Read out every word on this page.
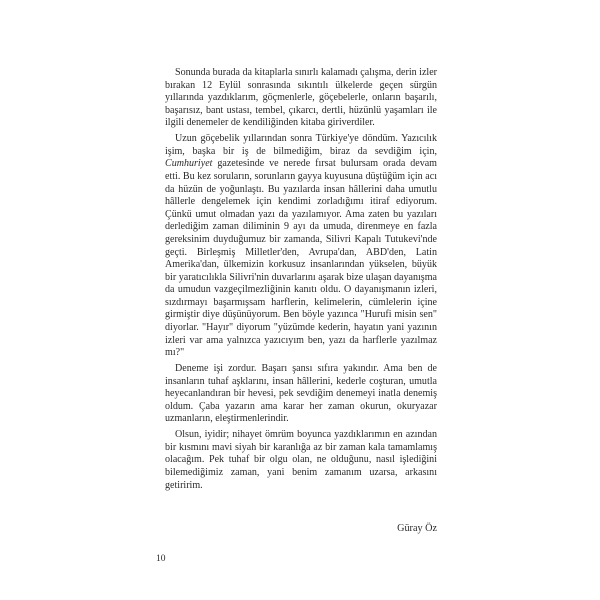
Sonunda burada da kitaplarla sınırlı kalamadı çalışma, derin izler bırakan 12 Eylül sonrasında sıkıntılı ülkelerde geçen sürgün yıllarında yazdıklarım, göçmenlerle, göçebelerle, onların başarılı, başarısız, bant ustası, tembel, çıkarcı, dertli, hüzünlü yaşamları ile ilgili denemeler de kendiliğinden kitaba giriverdiler.

Uzun göçebelik yıllarından sonra Türkiye'ye döndüm. Yazıcılık işim, başka bir iş de bilmediğim, biraz da sevdiğim için, Cumhuriyet gazetesinde ve nerede fırsat bulursam orada devam etti. Bu kez soruların, sorunların gayya kuyusuna düştüğüm için acı da hüzün de yoğunlaştı. Bu yazılarda insan hâllerini daha umutlu hâllerle dengelemek için kendimi zorladığımı itiraf ediyorum. Çünkü umut olmadan yazı da yazılamıyor. Ama zaten bu yazıları derlediğim zaman diliminin 9 ayı da umuda, direnmeye en fazla gereksinim duyduğumuz bir zamanda, Silivri Kapalı Tutukevi'nde geçti. Birleşmiş Milletler'den, Avrupa'dan, ABD'den, Latin Amerika'dan, ülkemizin korkusuz insanlarından yükselen, büyük bir yaratıcılıkla Silivri'nin duvarlarını aşarak bize ulaşan dayanışma da umudun vazgeçilmezliğinin kanıtı oldu. O dayanışmanın izleri, sızdırmayı başarmışsam harflerin, kelimelerin, cümlelerin içine girmiştir diye düşünüyorum. Ben böyle yazınca "Hurufi misin sen" diyorlar. "Hayır" diyorum "yüzümde kederin, hayatın yani yazının izleri var ama yalnızca yazıcıyım ben, yazı da harflerle yazılmaz mı?"

Deneme işi zordur. Başarı şansı sıfıra yakındır. Ama ben de insanların tuhaf aşklarını, insan hâllerini, kederle coşturan, umutla heyecanlandıran bir hevesi, pek sevdiğim denemeyi inatla denemiş oldum. Çaba yazarın ama karar her zaman okurun, okuryazar uzmanların, eleştirmenlerindir.

Olsun, iyidir; nihayet ömrüm boyunca yazdıklarımın en azından bir kısmını mavi siyah bir karanlığa az bir zaman kala tamamlamış olacağım. Pek tuhaf bir olgu olan, ne olduğunu, nasıl işlediğini bilemediğimiz zaman, yani benim zamanım uzarsa, arkasını getiririm.

Güray Öz
10
